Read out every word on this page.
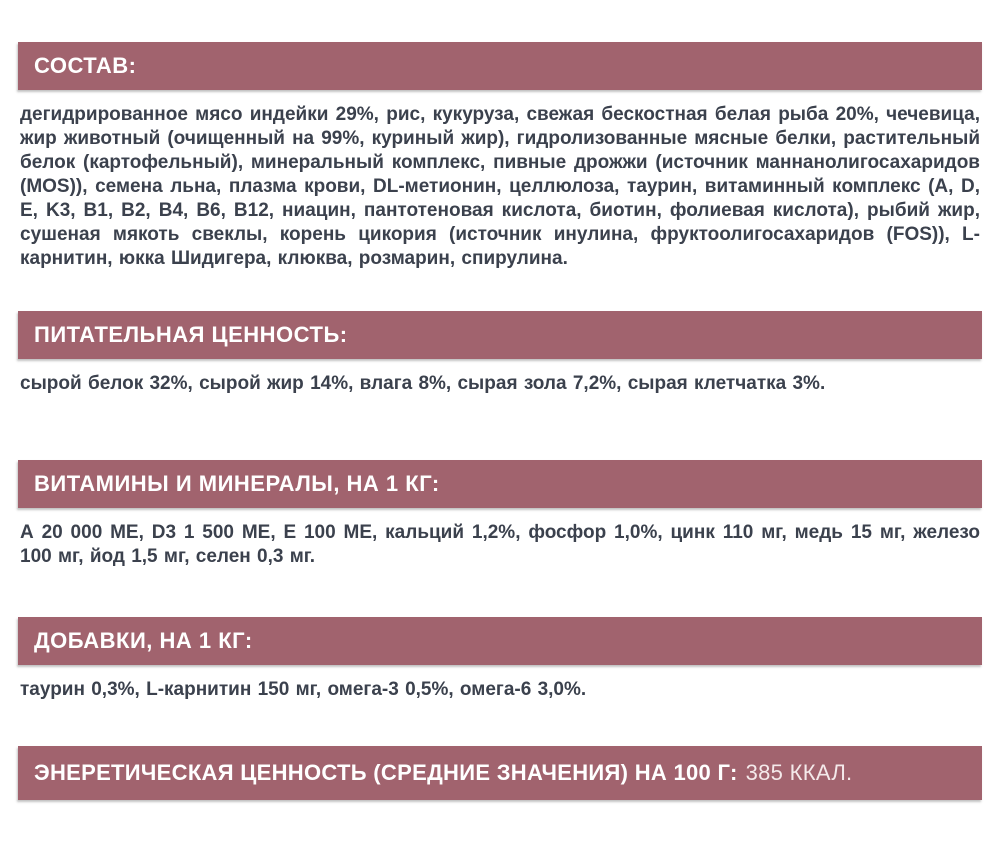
СОСТАВ:
дегидрированное мясо индейки 29%, рис, кукуруза, свежая бескостная белая рыба 20%, чечевица, жир животный (очищенный на 99%, куриный жир), гидролизованные мясные белки, растительный белок (картофельный), минеральный комплекс, пивные дрожжи (источник маннанолигосахаридов (MOS)), семена льна, плазма крови, DL-метионин, целлюлоза, таурин, витаминный комплекс (A, D, E, K3, B1, B2, B4, B6, B12, ниацин, пантотеновая кислота, биотин, фолиевая кислота), рыбий жир, сушеная мякоть свеклы, корень цикория (источник инулина, фруктоолигосахаридов (FOS)), L-карнитин, юкка Шидигера, клюква, розмарин, спирулина.
ПИТАТЕЛЬНАЯ ЦЕННОСТЬ:
сырой белок 32%, сырой жир 14%, влага 8%, сырая зола 7,2%, сырая клетчатка 3%.
ВИТАМИНЫ И МИНЕРАЛЫ, НА 1 КГ:
А 20 000 МЕ, D3 1 500 МЕ, Е 100 МЕ, кальций 1,2%, фосфор 1,0%, цинк 110 мг, медь 15 мг, железо 100 мг, йод 1,5 мг, селен 0,3 мг.
ДОБАВКИ, НА 1 КГ:
таурин 0,3%, L-карнитин 150 мг, омега-3 0,5%, омега-6 3,0%.
ЭНЕРЕТИЧЕСКАЯ ЦЕННОСТЬ (СРЕДНИЕ ЗНАЧЕНИЯ) НА 100 Г: 385 ККАЛ.
